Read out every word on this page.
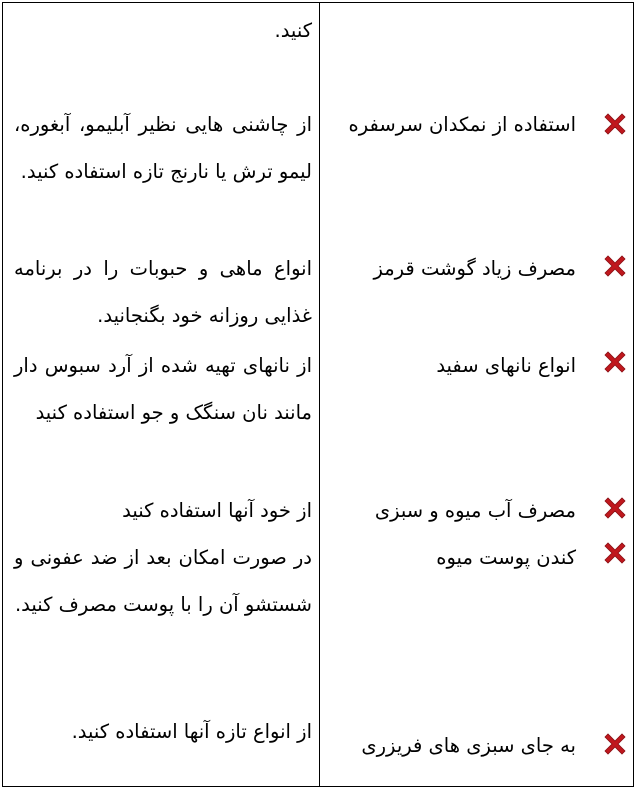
کنید.
استفاده از نمکدان سرسفره
از چاشنی هایی نظیر آبلیمو، آبغوره، لیمو ترش یا نارنج تازه استفاده کنید.
مصرف زیاد گوشت قرمز
انواع ماهی و حبوبات را در برنامه غذایی روزانه خود بگنجانید.
انواع نانهای سفید
از نانهای تهیه شده از آرد سبوس دار مانند نان سنگک و جو استفاده کنید
مصرف آب میوه و سبزی
از خود آنها استفاده کنید
کندن پوست میوه
در صورت امکان بعد از ضد عفونی و شستشو آن را با پوست مصرف کنید.
به جای سبزی های فریزری
از انواع تازه آنها استفاده کنید.
